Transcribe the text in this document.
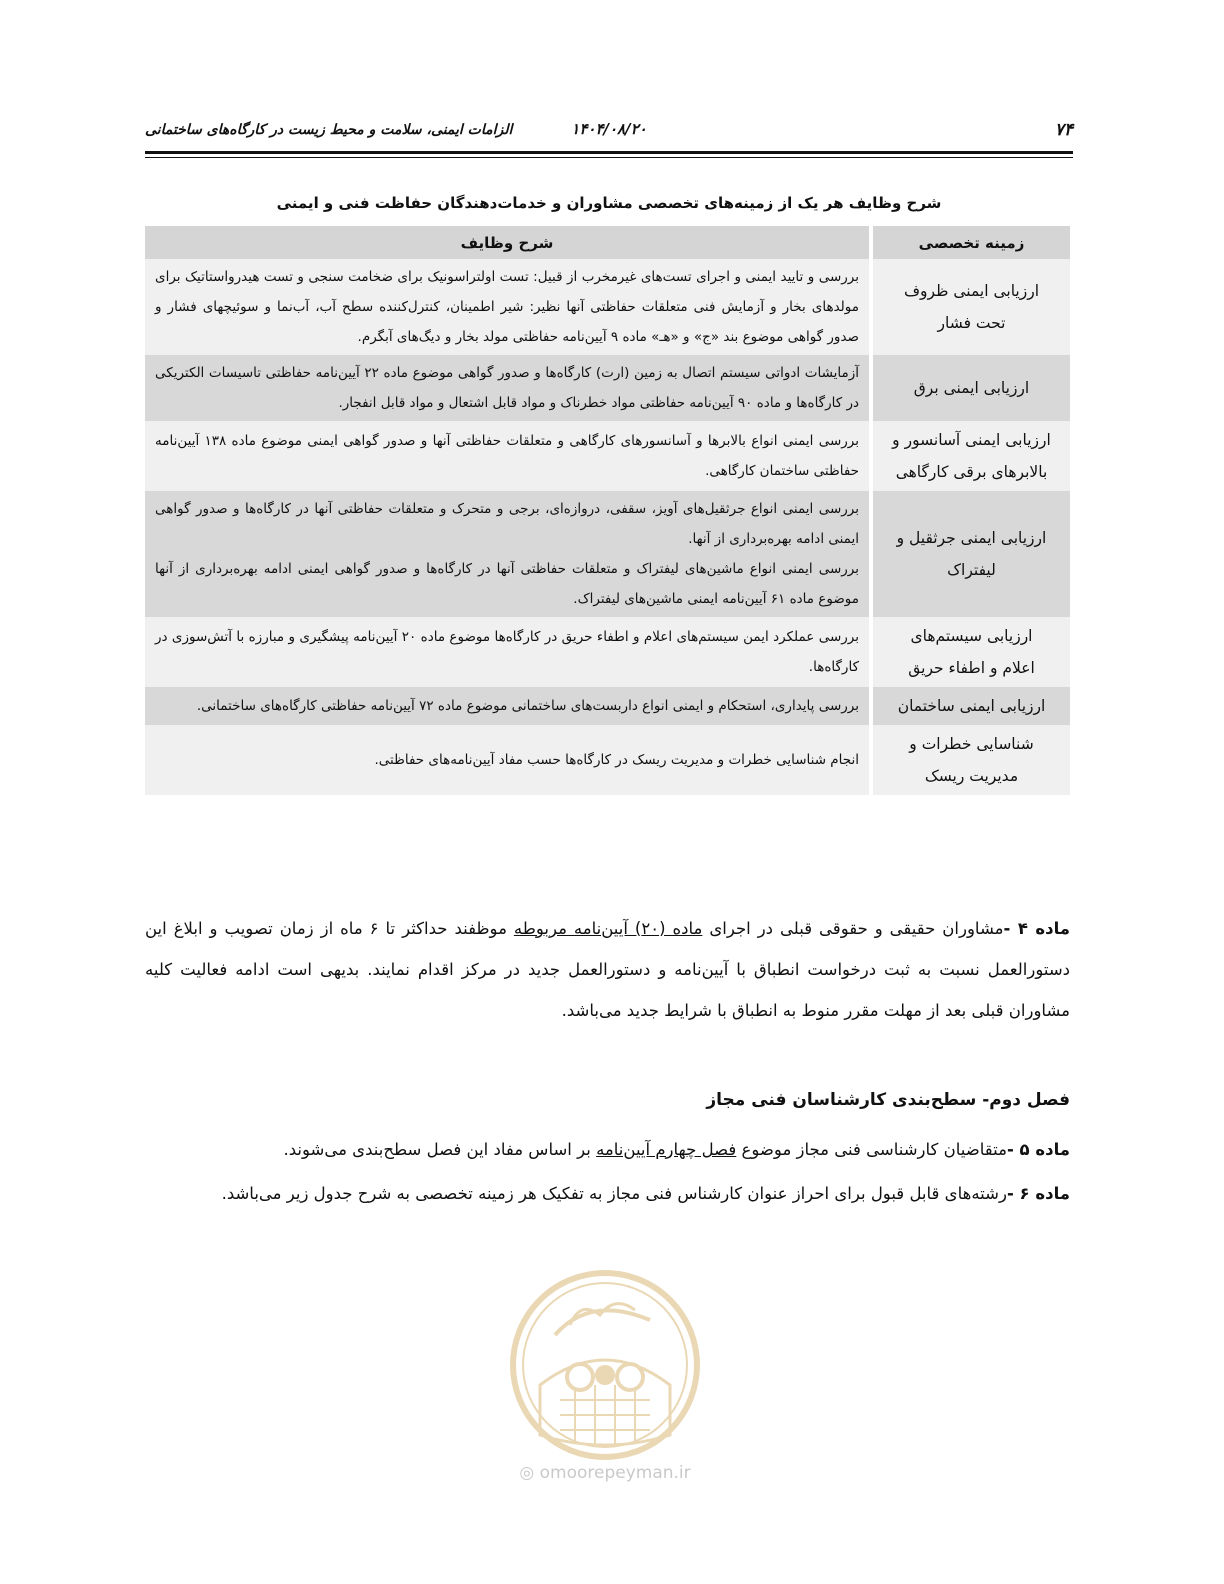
۷۴
۱۴۰۴/۰۸/۲۰
الزامات ایمنی، سلامت و محیط زیست در کارگاه‌های ساختمانی
شرح وظایف هر یک از زمینه‌های تخصصی مشاوران و خدمات‌دهندگان حفاظت فنی و ایمنی
زمینه تخصصی	شرح وظایف

ارزیابی ایمنی ظروف
تحت فشار	بررسی و تایید ایمنی و اجرای تست‌های غیرمخرب از قبیل: تست اولتراسونیک برای ضخامت سنجی و تست هیدرواستاتیک برای مولدهای بخار و آزمایش فنی متعلقات حفاظتی آنها نظیر: شیر اطمینان، کنترل‌کننده سطح آب، آب‌نما و سوئیچهای فشار و صدور گواهی موضوع بند «ج» و «هـ» ماده ۹ آیین‌نامه حفاظتی مولد بخار و دیگ‌های آبگرم.

ارزیابی ایمنی برق	آزمایشات ادواتی سیستم اتصال به زمین (ارت) کارگاه‌ها و صدور گواهی موضوع ماده ۲۲ آیین‌نامه حفاظتی تاسیسات الکتریکی در کارگاه‌ها و ماده ۹۰ آیین‌نامه حفاظتی مواد خطرناک و مواد قابل اشتعال و مواد قابل انفجار.

ارزیابی ایمنی آسانسور و
بالابرهای برقی کارگاهی	بررسی ایمنی انواع بالابرها و آسانسورهای کارگاهی و متعلقات حفاظتی آنها و صدور گواهی ایمنی موضوع ماده ۱۳۸ آیین‌نامه حفاظتی ساختمان کارگاهی.

ارزیابی ایمنی جرثقیل و
لیفتراک	بررسی ایمنی انواع جرثقیل‌های آویز، سقفی، دروازه‌ای، برجی و متحرک و متعلقات حفاظتی آنها در کارگاه‌ها و صدور گواهی ایمنی ادامه بهره‌برداری از آنها.
بررسی ایمنی انواع ماشین‌های لیفتراک و متعلقات حفاظتی آنها در کارگاه‌ها و صدور گواهی ایمنی ادامه بهره‌برداری از آنها موضوع ماده ۶۱ آیین‌نامه ایمنی ماشین‌های لیفتراک.

ارزیابی سیستم‌های
اعلام و اطفاء حریق	بررسی عملکرد ایمن سیستم‌های اعلام و اطفاء حریق در کارگاه‌ها موضوع ماده ۲۰ آیین‌نامه پیشگیری و مبارزه با آتش‌سوزی در کارگاه‌ها.

ارزیابی ایمنی ساختمان	بررسی پایداری، استحکام و ایمنی انواع داربست‌های ساختمانی موضوع ماده ۷۲ آیین‌نامه حفاظتی کارگاه‌های ساختمانی.

شناسایی خطرات و
مدیریت ریسک	انجام شناسایی خطرات و مدیریت ریسک در کارگاه‌ها حسب مفاد آیین‌نامه‌های حفاظتی.

ماده ۴ -مشاوران حقیقی و حقوقی قبلی در اجرای ماده (۲۰) آیین‌نامه مربوطه موظفند حداکثر تا ۶ ماه از زمان تصویب و ابلاغ این دستورالعمل نسبت به ثبت درخواست انطباق با آیین‌نامه و دستورالعمل جدید در مرکز اقدام نمایند. بدیهی است ادامه فعالیت کلیه مشاوران قبلی بعد از مهلت مقرر منوط به انطباق با شرایط جدید می‌باشد.

فصل دوم- سطح‌بندی کارشناسان فنی مجاز

ماده ۵ -متقاضیان کارشناسی فنی مجاز موضوع فصل چهارم آیین‌نامه بر اساس مفاد این فصل سطح‌بندی می‌شوند.

ماده ۶ -رشته‌های قابل قبول برای احراز عنوان کارشناس فنی مجاز به تفکیک هر زمینه تخصصی به شرح جدول زیر می‌باشد.

◎ omoorepeyman.ir
